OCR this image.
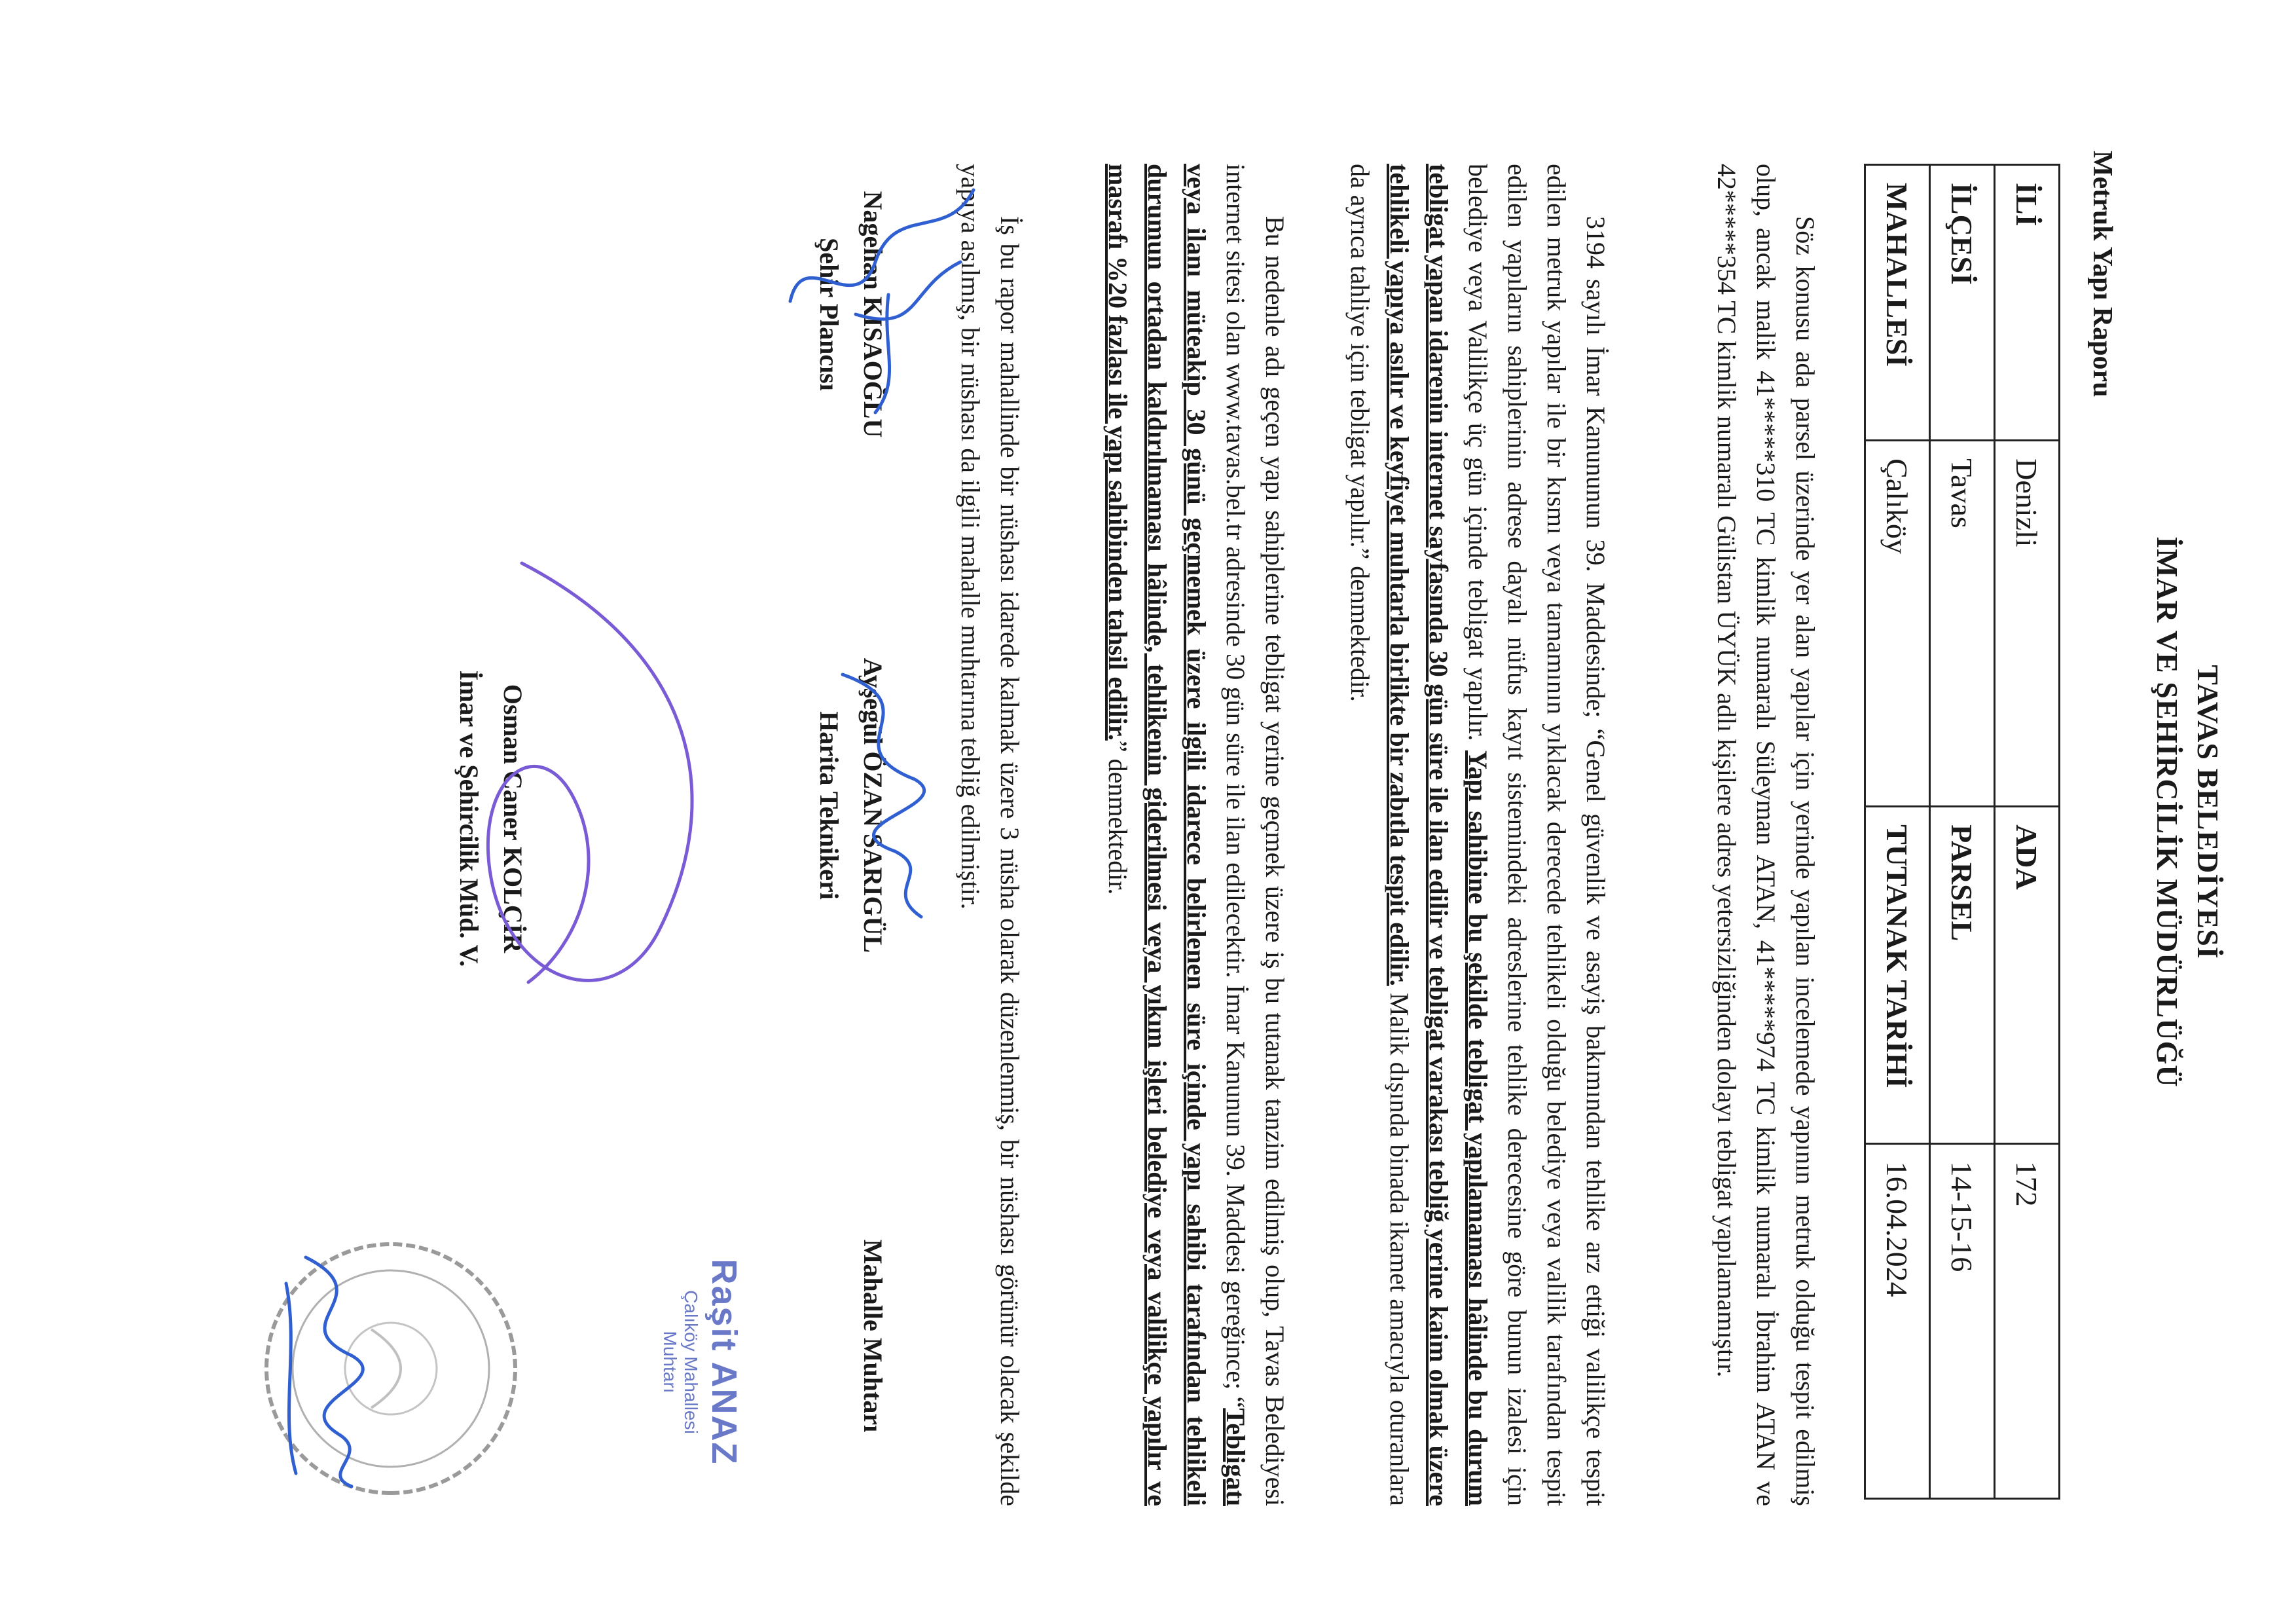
TAVAS BELEDİYESİ
İMAR VE ŞEHİRCİLİK MÜDÜRLÜĞÜ
Metruk Yapı Raporu
İLİ	Denizli	ADA	172
İLÇESİ	Tavas	PARSEL	14-15-16
MAHALLESİ	Çalıköy	TUTANAK TARİHİ	16.04.2024
Söz konusu ada parsel üzerinde yer alan yapılar için yerinde yapılan incelemede yapının metruk olduğu tespit edilmiş olup, ancak malik 41*****310 TC kimlik numaralı Süleyman ATAN, 41*****974 TC kimlik numaralı İbrahim ATAN ve 42*****354 TC kimlik numaralı Gülistan ÜYÜK adlı kişilere adres yetersizliğinden dolayı tebligat yapılamamıştır.
3194 sayılı İmar Kanununun 39. Maddesinde; “Genel güvenlik ve asayiş bakımından tehlike arz ettiği valilikçe tespit edilen metruk yapılar ile bir kısmı veya tamamının yıklacak derecede tehlikeli olduğu belediye veya valilik tarafından tespit edilen yapıların sahiplerinin adrese dayalı nüfus kayıt sistemindeki adreslerine tehlike derecesine göre bunun izalesi için belediye veya Valilikçe üç gün içinde tebligat yapılır. Yapı sahibine bu şekilde tebligat yapılamaması hâlinde bu durum tebligat yapan idarenin internet sayfasında 30 gün süre ile ilan edilir ve tebligat varakası tebliğ yerine kaim olmak üzere tehlikeli yapıya asılır ve keyfiyet muhtarla birlikte bir zabıtla tespit edilir. Malik dışında binada ikamet amacıyla oturanlara da ayrıca tahliye için tebligat yapılır.” denmektedir.
Bu nedenle adı geçen yapı sahiplerine tebligat yerine geçmek üzere iş bu tutanak tanzim edilmiş olup, Tavas Belediyesi internet sitesi olan www.tavas.bel.tr adresinde 30 gün süre ile ilan edilecektir. İmar Kanunun 39. Maddesi gereğince; “Tebligatı veya ilanı müteakip 30 günü geçmemek üzere ilgili idarece belirlenen süre içinde yapı sahibi tarafından tehlikeli durumun ortadan kaldırılmaması hâlinde, tehlikenin giderilmesi veya yıkım işleri belediye veya valilikçe yapılır ve masrafı %20 fazlası ile yapı sahibinden tahsil edilir.” denmektedir.
İş bu rapor mahallinde bir nüshası idarede kalmak üzere 3 nüsha olarak düzenlenmiş, bir nüshası görünür olacak şekilde yapıya asılmış, bir nüshası da ilgili mahalle muhtarına tebliğ edilmiştir.
Nagehan KISAOĞLU
Şehir Plancısı
Ayşegül ÖZAN SARIGÜL
Harita Teknikeri
Mahalle Muhtarı
Osman Caner KOLÇİR
İmar ve Şehircilik Müd. V.
Raşit ANAZ
Çalıköy Mahallesi
Muhtarı
